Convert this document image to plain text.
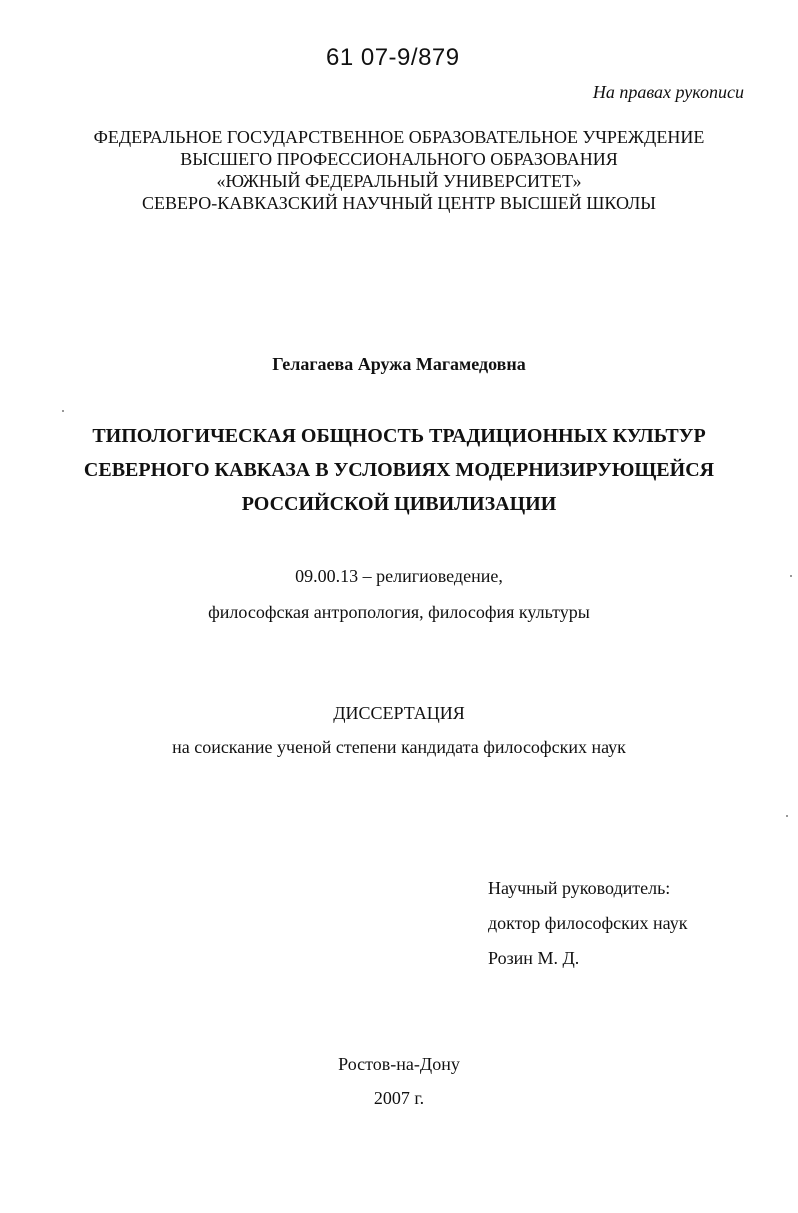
61 07-9/879

На правах рукописи

ФЕДЕРАЛЬНОЕ ГОСУДАРСТВЕННОЕ ОБРАЗОВАТЕЛЬНОЕ УЧРЕЖДЕНИЕ

ВЫСШЕГО ПРОФЕССИОНАЛЬНОГО ОБРАЗОВАНИЯ

«ЮЖНЫЙ ФЕДЕРАЛЬНЫЙ УНИВЕРСИТЕТ»

СЕВЕРО-КАВКАЗСКИЙ НАУЧНЫЙ ЦЕНТР ВЫСШЕЙ ШКОЛЫ

Гелагаева Аружа Магамедовна

ТИПОЛОГИЧЕСКАЯ ОБЩНОСТЬ ТРАДИЦИОННЫХ КУЛЬТУР

СЕВЕРНОГО КАВКАЗА В УСЛОВИЯХ МОДЕРНИЗИРУЮЩЕЙСЯ

РОССИЙСКОЙ ЦИВИЛИЗАЦИИ

09.00.13 – религиоведение,

философская антропология, философия культуры

ДИССЕРТАЦИЯ

на соискание ученой степени кандидата философских наук

Научный руководитель:

доктор философских наук

Розин М. Д.

Ростов-на-Дону

2007 г.
